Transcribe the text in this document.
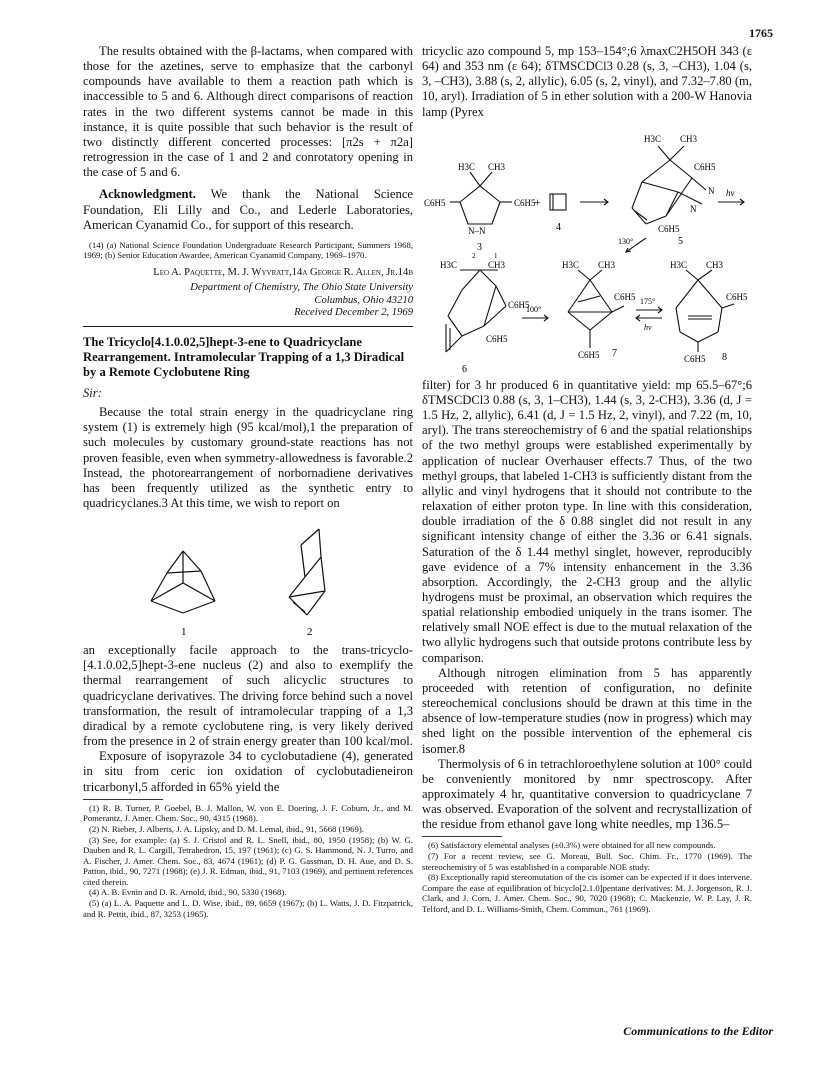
1765

The results obtained with the β-lactams, when compared with those for the azetines, serve to emphasize that the carbonyl compounds have available to them a reaction path which is inaccessible to 5 and 6. Although direct comparisons of reaction rates in the two different systems cannot be made in this instance, it is quite possible that such behavior is the result of two distinctly different concerted processes: [π2s + π2a] retrogression in the case of 1 and 2 and conrotatory opening in the case of 5 and 6.

Acknowledgment. We thank the National Science Foundation, Eli Lilly and Co., and Lederle Laboratories, American Cyanamid Co., for support of this research.

(14) (a) National Science Foundation Undergraduate Research Participant, Summers 1968, 1969; (b) Senior Education Awardee, American Cyanamid Company, 1969–1970.

Leo A. Paquette, M. J. Wyvratt,14a George R. Allen, Jr.14b
Department of Chemistry, The Ohio State University
Columbus, Ohio 43210
Received December 2, 1969
The Tricyclo[4.1.0.02,5]hept-3-ene to Quadricyclane Rearrangement. Intramolecular Trapping of a 1,3 Diradical by a Remote Cyclobutene Ring
Sir:

Because the total strain energy in the quadricyclane ring system (1) is extremely high (95 kcal/mol),1 the preparation of such molecules by customary ground-state reactions has not proven feasible, even when symmetry-allowedness is favorable.2 Instead, the photorearrangement of norbornadiene derivatives has been frequently utilized as the synthetic entry to quadricyclanes.3 At this time, we wish to report on

1	2

an exceptionally facile approach to the trans-tricyclo-[4.1.0.02,5]hept-3-ene nucleus (2) and also to exemplify the thermal rearrangement of such alicyclic structures to quadricyclane derivatives. The driving force behind such a novel transformation, the result of intramolecular trapping of a 1,3 diradical by a remote cyclobutene ring, is very likely derived from the presence in 2 of strain energy greater than 100 kcal/mol.

Exposure of isopyrazole 34 to cyclobutadiene (4), generated in situ from ceric ion oxidation of cyclobutadieneiron tricarbonyl,5 afforded in 65% yield the

(1) R. B. Turner, P. Goebel, B. J. Mallon, W. von E. Doering, J. F. Coburn, Jr., and M. Pomerantz, J. Amer. Chem. Soc., 90, 4315 (1968).

(2) N. Rieber, J. Alberts, J. A. Lipsky, and D. M. Lemal, ibid., 91, 5668 (1969).

(3) See, for example: (a) S. J. Cristol and R. L. Snell, ibid., 80, 1950 (1958); (b) W. G. Dauben and R. L. Cargill, Tetrahedron, 15, 197 (1961); (c) G. S. Hammond, N. J. Turro, and A. Fischer, J. Amer. Chem. Soc., 83, 4674 (1961); (d) P. G. Gassman, D. H. Aue, and D. S. Patton, ibid., 90, 7271 (1968); (e) J. R. Edman, ibid., 91, 7103 (1969), and pertinent references cited therein.

(4) A. B. Evnin and D. R. Arnold, ibid., 90, 5330 (1968).

(5) (a) L. A. Paquette and L. D. Wise, ibid., 89, 6659 (1967); (b) L. Watts, J. D. Fitzpatrick, and R. Pettit, ibid., 87, 3253 (1965).

tricyclic azo compound 5, mp 153–154°;6 λmaxC2H5OH 343 (ε 64) and 353 nm (ε 64); δTMSCDCl3 0.28 (s, 3, –CH3), 1.04 (s, 3, –CH3), 3.88 (s, 2, allylic), 6.05 (s, 2, vinyl), and 7.32–7.80 (m, 10, aryl). Irradiation of 5 in ether solution with a 200-W Hanovia lamp (Pyrex

H3C CH3
C6H5	C6H5
N–N
3
+
4
H3C CH3
C6H5
N
N
C6H5
5
hν
130°
2	1
H3C	CH3
C6H5
C6H5
6
100°
H3C CH3
C6H5
C6H5 7
175°
hν
H3C CH3
C6H5
C6H5 8

filter) for 3 hr produced 6 in quantitative yield: mp 65.5–67°;6 δTMSCDCl3 0.88 (s, 3, 1–CH3), 1.44 (s, 3, 2-CH3), 3.36 (d, J = 1.5 Hz, 2, allylic), 6.41 (d, J = 1.5 Hz, 2, vinyl), and 7.22 (m, 10, aryl). The trans stereochemistry of 6 and the spatial relationships of the two methyl groups were established experimentally by application of nuclear Overhauser effects.7 Thus, of the two methyl groups, that labeled 1-CH3 is sufficiently distant from the allylic and vinyl hydrogens that it should not contribute to the relaxation of either proton type. In line with this consideration, double irradiation of the δ 0.88 singlet did not result in any significant intensity change of either the 3.36 or 6.41 signals. Saturation of the δ 1.44 methyl singlet, however, reproducibly gave evidence of a 7% intensity enhancement in the 3.36 absorption. Accordingly, the 2-CH3 group and the allylic hydrogens must be proximal, an observation which requires the spatial relationship embodied uniquely in the trans isomer. The relatively small NOE effect is due to the mutual relaxation of the two allylic hydrogens such that outside protons contribute less by comparison.

Although nitrogen elimination from 5 has apparently proceeded with retention of configuration, no definite stereochemical conclusions should be drawn at this time in the absence of low-temperature studies (now in progress) which may shed light on the possible intervention of the ephemeral cis isomer.8

Thermolysis of 6 in tetrachloroethylene solution at 100° could be conveniently monitored by nmr spectroscopy. After approximately 4 hr, quantitative conversion to quadricyclane 7 was observed. Evaporation of the solvent and recrystallization of the residue from ethanol gave long white needles, mp 136.5–

(6) Satisfactory elemental analyses (±0.3%) were obtained for all new compounds.

(7) For a recent review, see G. Moreau, Bull. Soc. Chim. Fr., 1770 (1969). The stereochemistry of 5 was established in a comparable NOE study.

(8) Exceptionally rapid stereomutation of the cis isomer can be expected if it does intervene. Compare the ease of equilibration of bicyclo[2.1.0]pentane derivatives: M. J. Jorgenson, R. J. Clark, and J. Corn, J. Amer. Chem. Soc., 90, 7020 (1968); C. Mackenzie, W. P. Lay, J. R. Telford, and D. L. Williams-Smith, Chem. Commun., 761 (1969).

Communications to the Editor
